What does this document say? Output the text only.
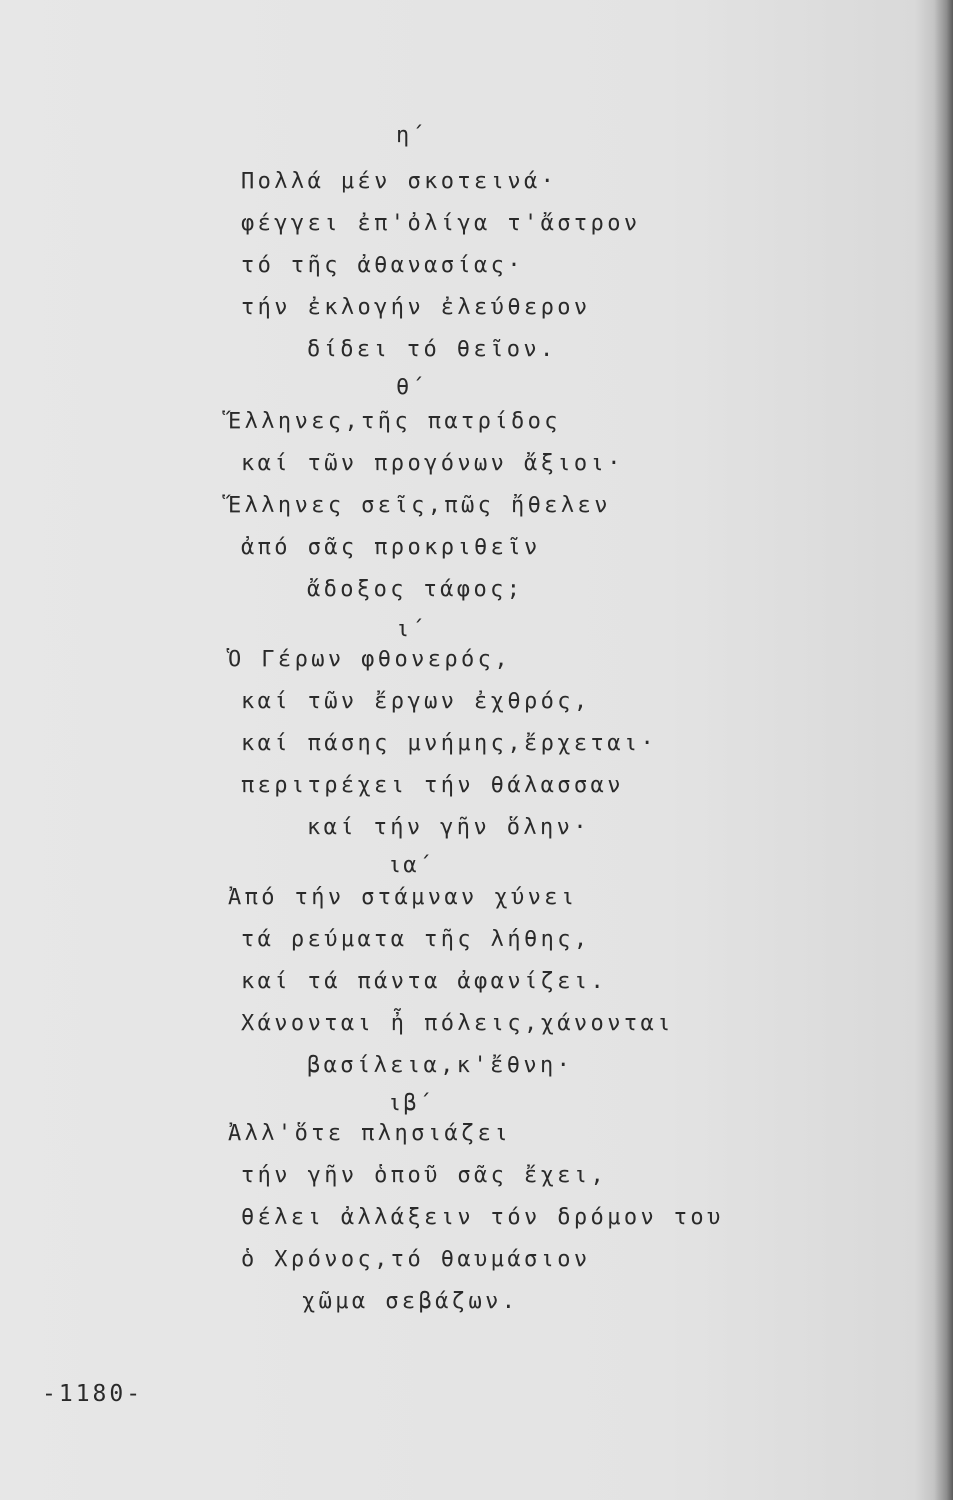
η΄
Πολλά μέν σκοτεινά·
φέγγει ἐπ'ὀλίγα τ'ἄστρον
τό τῆς ἀθανασίας·
τήν ἐκλογήν ἐλεύθερον
δίδει τό θεῖον.
θ΄
Ἕλληνες,τῆς πατρίδος
καί τῶν προγόνων ἄξιοι·
Ἕλληνες σεῖς,πῶς ἤθελεν
ἀπό σᾶς προκριθεῖν
ἄδοξος τάφος;
ι΄
Ὁ Γέρων φθονερός,
καί τῶν ἔργων ἐχθρός,
καί πάσης μνήμης,ἔρχεται·
περιτρέχει τήν θάλασσαν
καί τήν γῆν ὅλην·
ια΄
Ἀπό τήν στάμναν χύνει
τά ρεύματα τῆς λήθης,
καί τά πάντα ἀφανίζει.
Χάνονται ἦ πόλεις,χάνονται
βασίλεια,κ'ἔθνη·
ιβ΄
Ἀλλ'ὅτε πλησιάζει
τήν γῆν ὁποῦ σᾶς ἔχει,
θέλει ἀλλάξειν τόν δρόμον του
ὁ Χρόνος,τό θαυμάσιον
χῶμα σεβάζων.
-1180-
